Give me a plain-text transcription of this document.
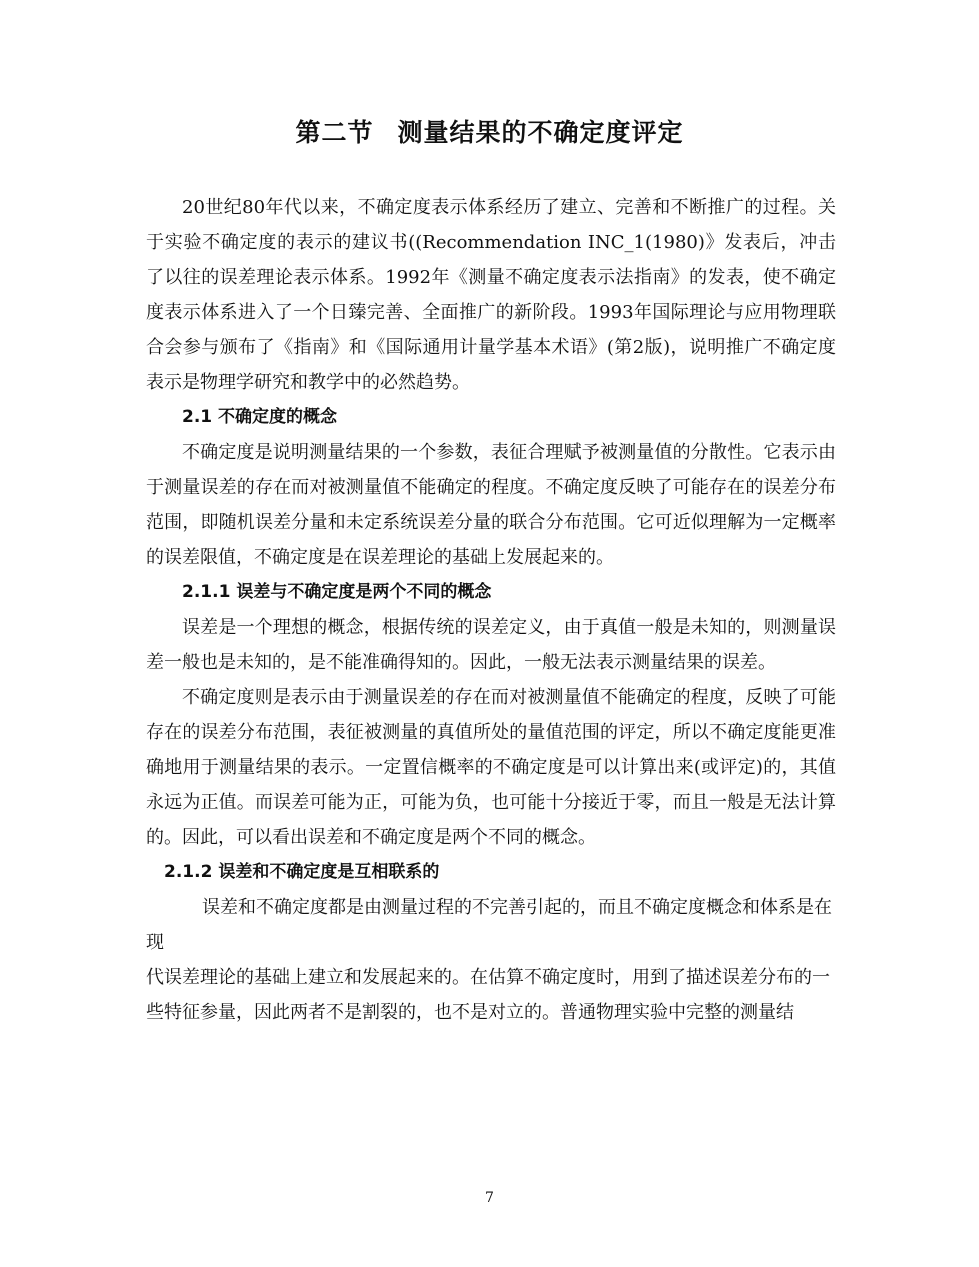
第二节 测量结果的不确定度评定

20世纪80年代以来，不确定度表示体系经历了建立、完善和不断推广的过程。关于实验不确定度的表示的建议书((Recommendation INC_1(1980)》发表后，冲击了以往的误差理论表示体系。1992年《测量不确定度表示法指南》的发表，使不确定度表示体系进入了一个日臻完善、全面推广的新阶段。1993年国际理论与应用物理联合会参与颁布了《指南》和《国际通用计量学基本术语》(第2版)，说明推广不确定度表示是物理学研究和教学中的必然趋势。

2.1 不确定度的概念

不确定度是说明测量结果的一个参数，表征合理赋予被测量值的分散性。它表示由于测量误差的存在而对被测量值不能确定的程度。不确定度反映了可能存在的误差分布范围，即随机误差分量和未定系统误差分量的联合分布范围。它可近似理解为一定概率的误差限值，不确定度是在误差理论的基础上发展起来的。

2.1.1 误差与不确定度是两个不同的概念

误差是一个理想的概念，根据传统的误差定义，由于真值一般是未知的，则测量误差一般也是未知的，是不能准确得知的。因此，一般无法表示测量结果的误差。

不确定度则是表示由于测量误差的存在而对被测量值不能确定的程度，反映了可能存在的误差分布范围，表征被测量的真值所处的量值范围的评定，所以不确定度能更准确地用于测量结果的表示。一定置信概率的不确定度是可以计算出来(或评定)的，其值永远为正值。而误差可能为正，可能为负，也可能十分接近于零，而且一般是无法计算的。因此，可以看出误差和不确定度是两个不同的概念。

2.1.2 误差和不确定度是互相联系的

误差和不确定度都是由测量过程的不完善引起的，而且不确定度概念和体系是在现

代误差理论的基础上建立和发展起来的。在估算不确定度时，用到了描述误差分布的一

些特征参量，因此两者不是割裂的，也不是对立的。普通物理实验中完整的测量结

7
